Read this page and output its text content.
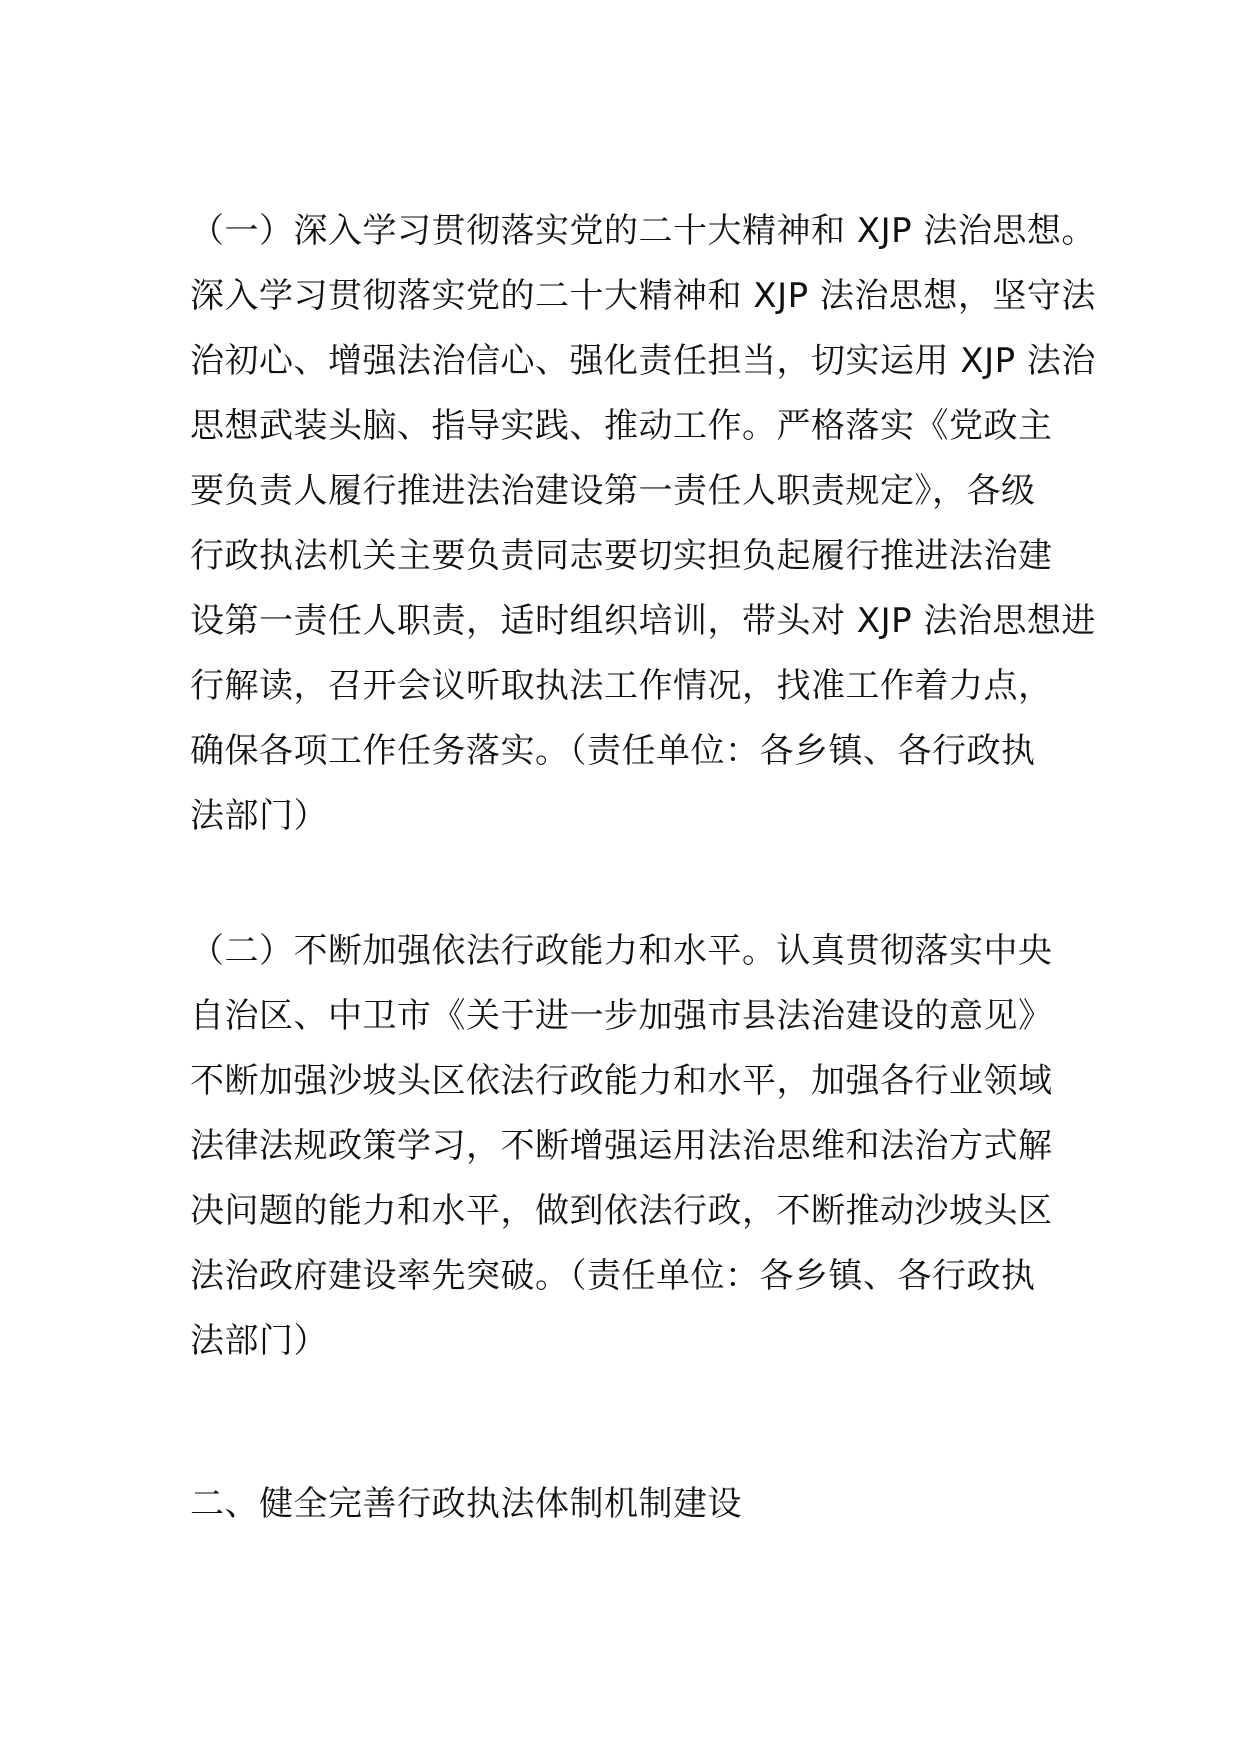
（一）深入学习贯彻落实党的二十大精神和 XJP 法治思想。
深入学习贯彻落实党的二十大精神和 XJP 法治思想，坚守法
治初心、增强法治信心、强化责任担当，切实运用 XJP 法治
思想武装头脑、指导实践、推动工作。严格落实《党政主
要负责人履行推进法治建设第一责任人职责规定》，各级
行政执法机关主要负责同志要切实担负起履行推进法治建
设第一责任人职责，适时组织培训，带头对 XJP 法治思想进
行解读，召开会议听取执法工作情况，找准工作着力点，
确保各项工作任务落实。（责任单位：各乡镇、各行政执
法部门）
（二）不断加强依法行政能力和水平。认真贯彻落实中央
自治区、中卫市《关于进一步加强市县法治建设的意见》
不断加强沙坡头区依法行政能力和水平，加强各行业领域
法律法规政策学习，不断增强运用法治思维和法治方式解
决问题的能力和水平，做到依法行政，不断推动沙坡头区
法治政府建设率先突破。（责任单位：各乡镇、各行政执
法部门）
二、健全完善行政执法体制机制建设
